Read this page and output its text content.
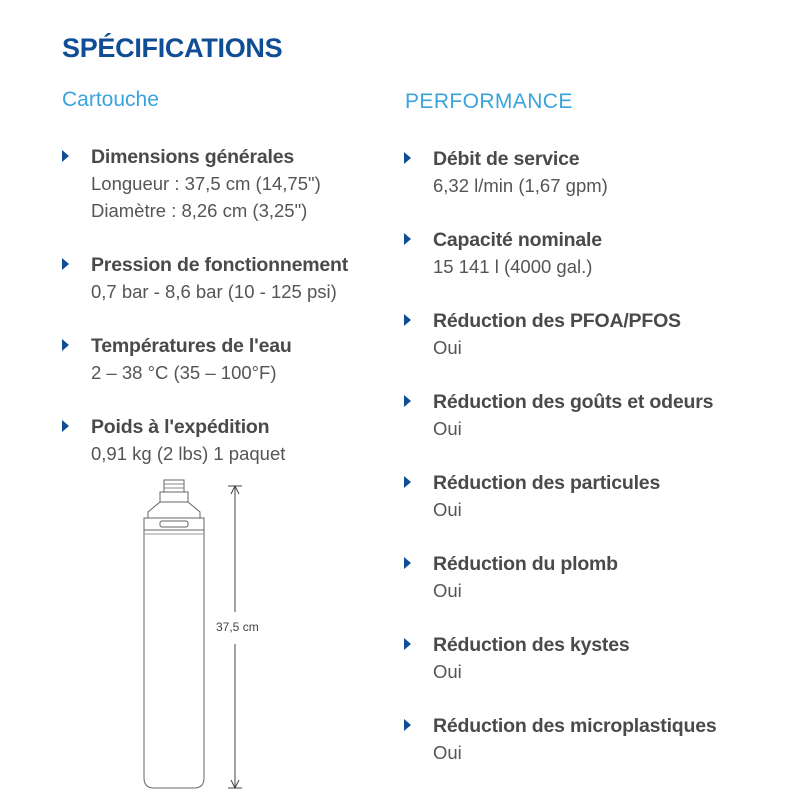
SPÉCIFICATIONS
Cartouche	PERFORMANCE
Dimensions générales
Longueur : 37,5 cm (14,75")
Diamètre : 8,26 cm (3,25")
Pression de fonctionnement
0,7 bar - 8,6 bar (10 - 125 psi)
Températures de l'eau
2 – 38 °C (35 – 100°F)
Poids à l'expédition
0,91 kg (2 lbs) 1 paquet
Débit de service
6,32 l/min (1,67 gpm)
Capacité nominale
15 141 l (4000 gal.)
Réduction des PFOA/PFOS
Oui
Réduction des goûts et odeurs
Oui
Réduction des particules
Oui
Réduction du plomb
Oui
Réduction des kystes
Oui
Réduction des microplastiques
Oui
37,5 cm
